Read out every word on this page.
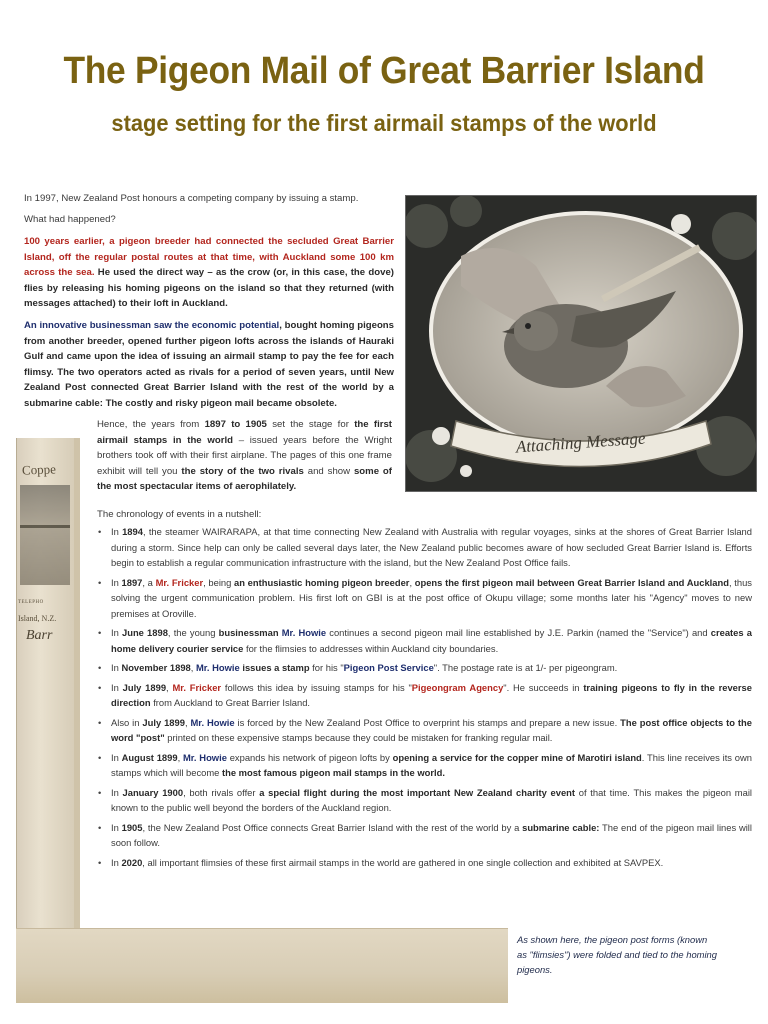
The Pigeon Mail of Great Barrier Island
stage setting for the first airmail stamps of the world

In 1997, New Zealand Post honours a competing company by issuing a stamp.

What had happened?

100 years earlier, a pigeon breeder had connected the secluded Great Barrier Island, off the regular postal routes at that time, with Auckland some 100 km across the sea. He used the direct way – as the crow (or, in this case, the dove) flies by releasing his homing pigeons on the island so that they returned (with messages attached) to their loft in Auckland.

An innovative businessman saw the economic potential, bought homing pigeons from another breeder, opened further pigeon lofts across the islands of Hauraki Gulf and came upon the idea of issuing an airmail stamp to pay the fee for each flimsy. The two operators acted as rivals for a period of seven years, until New Zealand Post connected Great Barrier Island with the rest of the world by a submarine cable: The costly and risky pigeon mail became obsolete.

Hence, the years from 1897 to 1905 set the stage for the first airmail stamps in the world – issued years before the Wright brothers took off with their first airplane. The pages of this one frame exhibit will tell you the story of the two rivals and show some of the most spectacular items of aerophilately.

The chronology of events in a nutshell:

• In 1894, the steamer WAIRARAPA, at that time connecting New Zealand with Australia with regular voyages, sinks at the shores of Great Barrier Island during a storm. Since help can only be called several days later, the New Zealand public becomes aware of how secluded Great Barrier Island is. Efforts begin to establish a regular communication infrastructure with the island, but the New Zealand Post Office fails.
• In 1897, a Mr. Fricker, being an enthusiastic homing pigeon breeder, opens the first pigeon mail between Great Barrier Island and Auckland, thus solving the urgent communication problem. His first loft on GBI is at the post office of Okupu village; some months later his "Agency" moves to new premises at Oroville.
• In June 1898, the young businessman Mr. Howie continues a second pigeon mail line established by J.E. Parkin (named the "Service") and creates a home delivery courier service for the flimsies to addresses within Auckland city boundaries.
• In November 1898, Mr. Howie issues a stamp for his "Pigeon Post Service". The postage rate is at 1/- per pigeongram.
• In July 1899, Mr. Fricker follows this idea by issuing stamps for his "Pigeongram Agency". He succeeds in training pigeons to fly in the reverse direction from Auckland to Great Barrier Island.
• Also in July 1899, Mr. Howie is forced by the New Zealand Post Office to overprint his stamps and prepare a new issue. The post office objects to the word "post" printed on these expensive stamps because they could be mistaken for franking regular mail.
• In August 1899, Mr. Howie expands his network of pigeon lofts by opening a service for the copper mine of Marotiri island. This line receives its own stamps which will become the most famous pigeon mail stamps in the world.
• In January 1900, both rivals offer a special flight during the most important New Zealand charity event of that time. This makes the pigeon mail known to the public well beyond the borders of the Auckland region.
• In 1905, the New Zealand Post Office connects Great Barrier Island with the rest of the world by a submarine cable: The end of the pigeon mail lines will soon follow.
• In 2020, all important flimsies of these first airmail stamps in the world are gathered in one single collection and exhibited at SAVPEX.
Attaching Message
Coppe
TELEPHO
Island, N.Z.
Barr
As shown here, the pigeon post forms (known as "flimsies") were folded and tied to the homing pigeons.
